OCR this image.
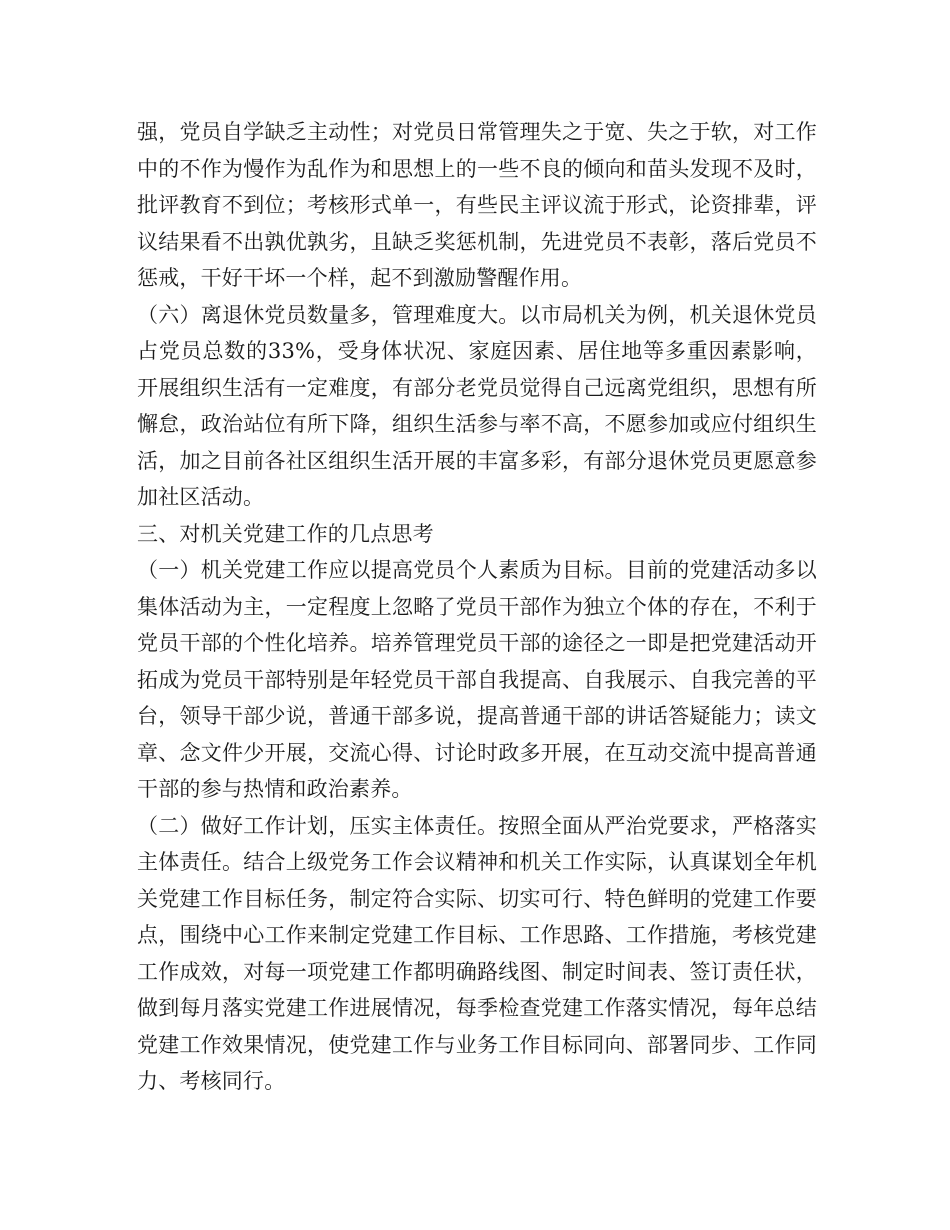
强，党员自学缺乏主动性；对党员日常管理失之于宽、失之于软，对工作中的不作为慢作为乱作为和思想上的一些不良的倾向和苗头发现不及时，批评教育不到位；考核形式单一，有些民主评议流于形式，论资排辈，评议结果看不出孰优孰劣，且缺乏奖惩机制，先进党员不表彰，落后党员不惩戒，干好干坏一个样，起不到激励警醒作用。

（六）离退休党员数量多，管理难度大。以市局机关为例，机关退休党员占党员总数的33%，受身体状况、家庭因素、居住地等多重因素影响，开展组织生活有一定难度，有部分老党员觉得自己远离党组织，思想有所懈怠，政治站位有所下降，组织生活参与率不高，不愿参加或应付组织生活，加之目前各社区组织生活开展的丰富多彩，有部分退休党员更愿意参加社区活动。

三、对机关党建工作的几点思考

（一）机关党建工作应以提高党员个人素质为目标。目前的党建活动多以集体活动为主，一定程度上忽略了党员干部作为独立个体的存在，不利于党员干部的个性化培养。培养管理党员干部的途径之一即是把党建活动开拓成为党员干部特别是年轻党员干部自我提高、自我展示、自我完善的平台，领导干部少说，普通干部多说，提高普通干部的讲话答疑能力；读文章、念文件少开展，交流心得、讨论时政多开展，在互动交流中提高普通干部的参与热情和政治素养。

（二）做好工作计划，压实主体责任。按照全面从严治党要求，严格落实主体责任。结合上级党务工作会议精神和机关工作实际，认真谋划全年机关党建工作目标任务，制定符合实际、切实可行、特色鲜明的党建工作要点，围绕中心工作来制定党建工作目标、工作思路、工作措施，考核党建工作成效，对每一项党建工作都明确路线图、制定时间表、签订责任状，做到每月落实党建工作进展情况，每季检查党建工作落实情况，每年总结党建工作效果情况，使党建工作与业务工作目标同向、部署同步、工作同力、考核同行。
